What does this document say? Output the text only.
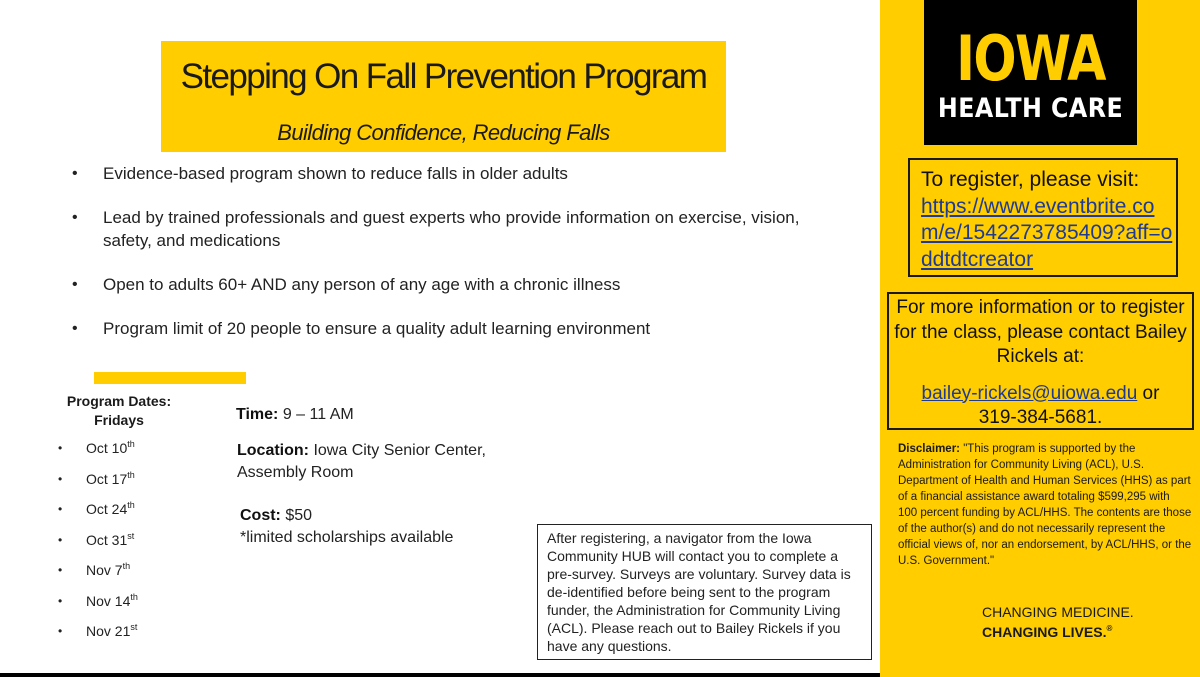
Stepping On Fall Prevention Program
Building Confidence, Reducing Falls
• Evidence-based program shown to reduce falls in older adults
• Lead by trained professionals and guest experts who provide information on exercise, vision, safety, and medications
• Open to adults 60+ AND any person of any age with a chronic illness
• Program limit of 20 people to ensure a quality adult learning environment
Program Dates:
Fridays
• Oct 10th
• Oct 17th
• Oct 24th
• Oct 31st
• Nov 7th
• Nov 14th
• Nov 21st
Time: 9 – 11 AM
Location: Iowa City Senior Center,
Assembly Room
Cost: $50
*limited scholarships available	After registering, a navigator from the Iowa Community HUB will contact you to complete a pre-survey. Surveys are voluntary. Survey data is de-identified before being sent to the program funder, the Administration for Community Living (ACL). Please reach out to Bailey Rickels if you have any questions.
IOWA
HEALTH CARE
To register, please visit:
https://www.eventbrite.com/e/1542273785409?aff=oddtdtcreator
For more information or to register for the class, please contact Bailey Rickels at:
bailey-rickels@uiowa.edu or
319-384-5681.
Disclaimer: "This program is supported by the Administration for Community Living (ACL), U.S. Department of Health and Human Services (HHS) as part of a financial assistance award totaling $599,295 with 100 percent funding by ACL/HHS. The contents are those of the author(s) and do not necessarily represent the official views of, nor an endorsement, by ACL/HHS, or the U.S. Government."
CHANGING MEDICINE.
CHANGING LIVES.®
